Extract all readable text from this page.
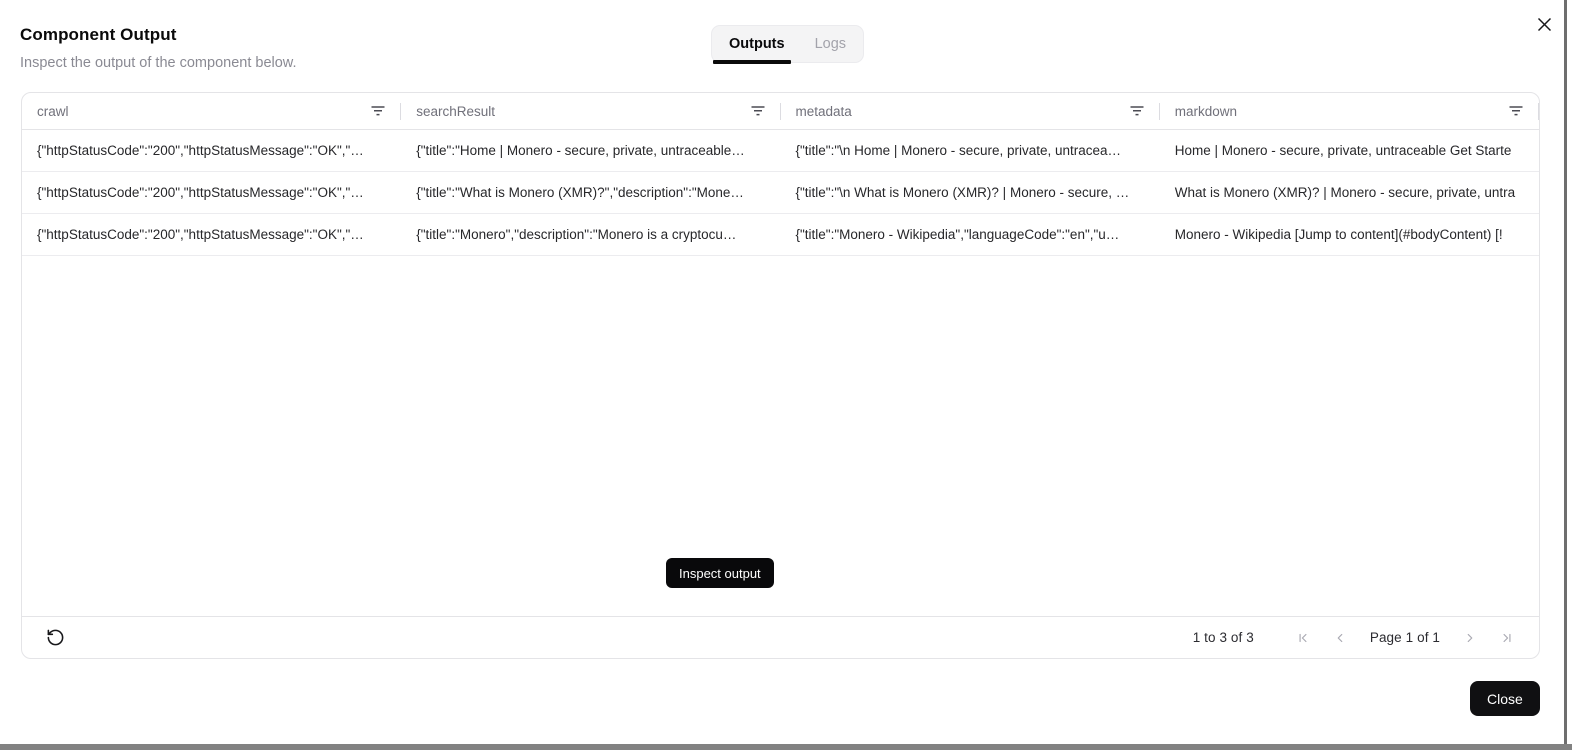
Component Output

Inspect the output of the component below.

Outputs Logs
crawl	searchResult	metadata	markdown
{"httpStatusCode":"200","httpStatusMessage":"OK","…	{"title":"Home | Monero - secure, private, untraceable…	{"title":"\n Home | Monero - secure, private, untracea…	Home | Monero - secure, private, untraceable Get Starte
{"httpStatusCode":"200","httpStatusMessage":"OK","…	{"title":"What is Monero (XMR)?","description":"Mone…	{"title":"\n What is Monero (XMR)? | Monero - secure, …	What is Monero (XMR)? | Monero - secure, private, untra
{"httpStatusCode":"200","httpStatusMessage":"OK","…	{"title":"Monero","description":"Monero is a cryptocu…	{"title":"Monero - Wikipedia","languageCode":"en","u…	Monero - Wikipedia [Jump to content](#bodyContent) [!
1 to 3 of 3	Page 1 of 1
Inspect output
Close
